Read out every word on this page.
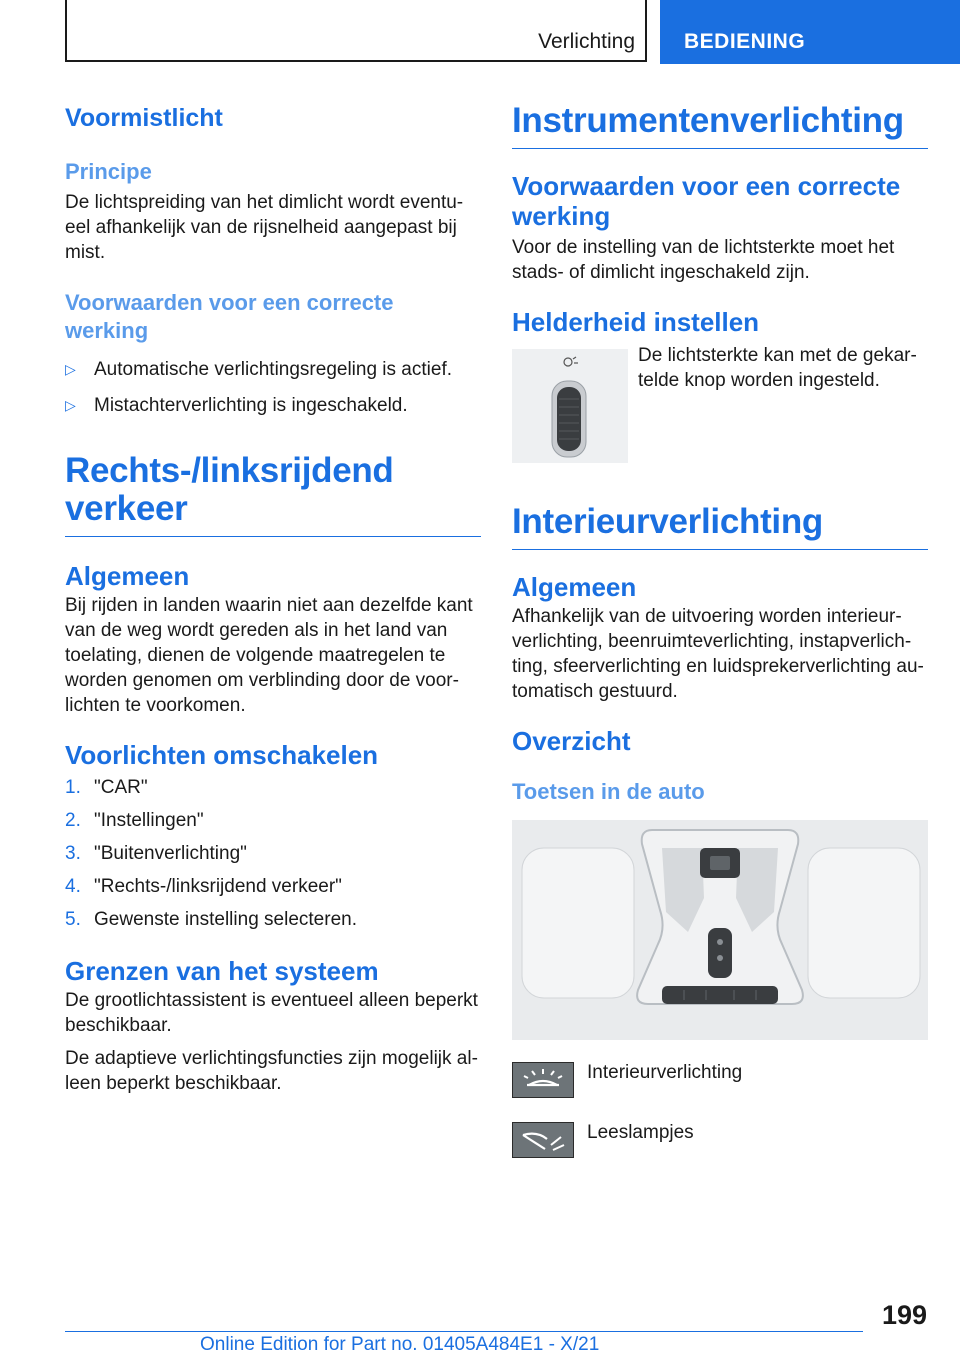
Verlichting BEDIENING
Voormistlicht
Principe

De lichtspreiding van het dimlicht wordt eventu-eel afhankelijk van de rijsnelheid aangepast bij mist.

Voorwaarden voor een correcte werking
▷ Automatische verlichtingsregeling is actief.
▷ Mistachterverlichting is ingeschakeld.
Rechts-/linksrijdend verkeer
Algemeen

Bij rijden in landen waarin niet aan dezelfde kant van de weg wordt gereden als in het land van toelating, dienen de volgende maatregelen te worden genomen om verblinding door de voor-lichten te voorkomen.

Voorlichten omschakelen
1. "CAR"
2. "Instellingen"
3. "Buitenverlichting"
4. "Rechts-/linksrijdend verkeer"
5. Gewenste instelling selecteren.
Grenzen van het systeem

De grootlichtassistent is eventueel alleen beperkt beschikbaar.

De adaptieve verlichtingsfuncties zijn mogelijk al-leen beperkt beschikbaar.

Instrumentenverlichting
Voorwaarden voor een correcte werking

Voor de instelling van de lichtsterkte moet het stads- of dimlicht ingeschakeld zijn.

Helderheid instellen

De lichtsterkte kan met de gekar-telde knop worden ingesteld.

Interieurverlichting
Algemeen

Afhankelijk van de uitvoering worden interieur-verlichting, beenruimteverlichting, instapverlich-ting, sfeerverlichting en luidsprekerverlichting au-tomatisch gestuurd.

Overzicht
Toetsen in de auto
Interieurverlichting
Leeslampjes
199
Online Edition for Part no. 01405A484E1 - X/21
